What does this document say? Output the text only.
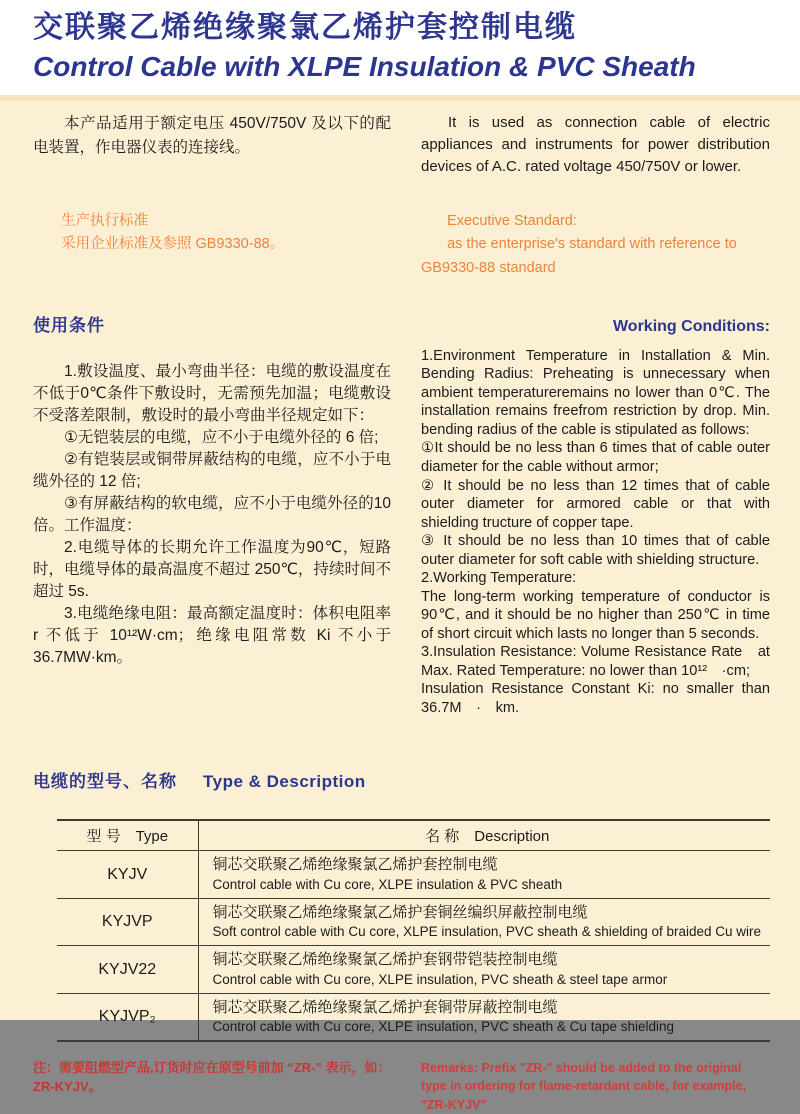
交联聚乙烯绝缘聚氯乙烯护套控制电缆
Control Cable with XLPE Insulation & PVC Sheath

本产品适用于额定电压 450V/750V 及以下的配电装置，作电器仪表的连接线。

It is used as connection cable of electric appliances and instruments for power distribution devices of A.C. rated voltage 450/750V or lower.

生产执行标准

采用企业标准及参照 GB9330-88。

Executive Standard:

as the enterprise's standard with reference to GB9330-88 standard

使用条件	Working Conditions:

1.敷设温度、最小弯曲半径：电缆的敷设温度在不低于0℃条件下敷设时，无需预先加温；电缆敷设不受落差限制，敷设时的最小弯曲半径规定如下：

①无铠装层的电缆，应不小于电缆外径的 6 倍;

②有铠装层或铜带屏蔽结构的电缆，应不小于电缆外径的 12 倍;

③有屏蔽结构的软电缆，应不小于电缆外径的10倍。工作温度：

2.电缆导体的长期允许工作温度为90℃，短路时，电缆导体的最高温度不超过 250℃，持续时间不超过 5s.

3.电缆绝缘电阻：最高额定温度时：体积电阻率 r 不低于 10¹²W·cm；绝缘电阻常数 Ki 不小于 36.7MW·km。

1.Environment Temperature in Installation & Min. Bending Radius: Preheating is unnecessary when ambient temperatureremains no lower than 0℃. The installation remains freefrom restriction by drop. Min. bending radius of the cable is stipulated as follows:

①It should be no less than 6 times that of cable outer diameter for the cable without armor;

② It should be no less than 12 times that of cable outer diameter for armored cable or that with shielding tructure of copper tape.

③ It should be no less than 10 times that of cable outer diameter for soft cable with shielding structure.

2.Working Temperature:

The long-term working temperature of conductor is 90℃, and it should be no higher than 250℃ in time of short circuit which lasts no longer than 5 seconds.

3.Insulation Resistance: Volume Resistance Rate　at Max. Rated Temperature: no lower than 10¹²　·cm;

Insulation Resistance Constant Ki: no smaller than 36.7M　·　km.

电缆的型号、名称 Type & Description
型 号　Type	名 称　Description
KYJV	铜芯交联聚乙烯绝缘聚氯乙烯护套控制电缆
Control cable with Cu core, XLPE insulation & PVC sheath

KYJVP	铜芯交联聚乙烯绝缘聚氯乙烯护套铜丝编织屏蔽控制电缆
Soft control cable with Cu core, XLPE insulation, PVC sheath & shielding of braided Cu wire

KYJV22	铜芯交联聚乙烯绝缘聚氯乙烯护套钢带铠装控制电缆
Control cable with Cu core, XLPE insulation, PVC sheath & steel tape armor

KYJVP₂	铜芯交联聚乙烯绝缘聚氯乙烯护套铜带屏蔽控制电缆
Control cable with Cu core, XLPE insulation, PVC sheath & Cu tape shielding
注：需要阻燃型产品,订货时应在原型号前加 “ZR-” 表示，如：ZR-KYJV。
Remarks: Prefix "ZR-" should be added to the original type in ordering for flame-retardant cable, for example, "ZR-KYJV"
